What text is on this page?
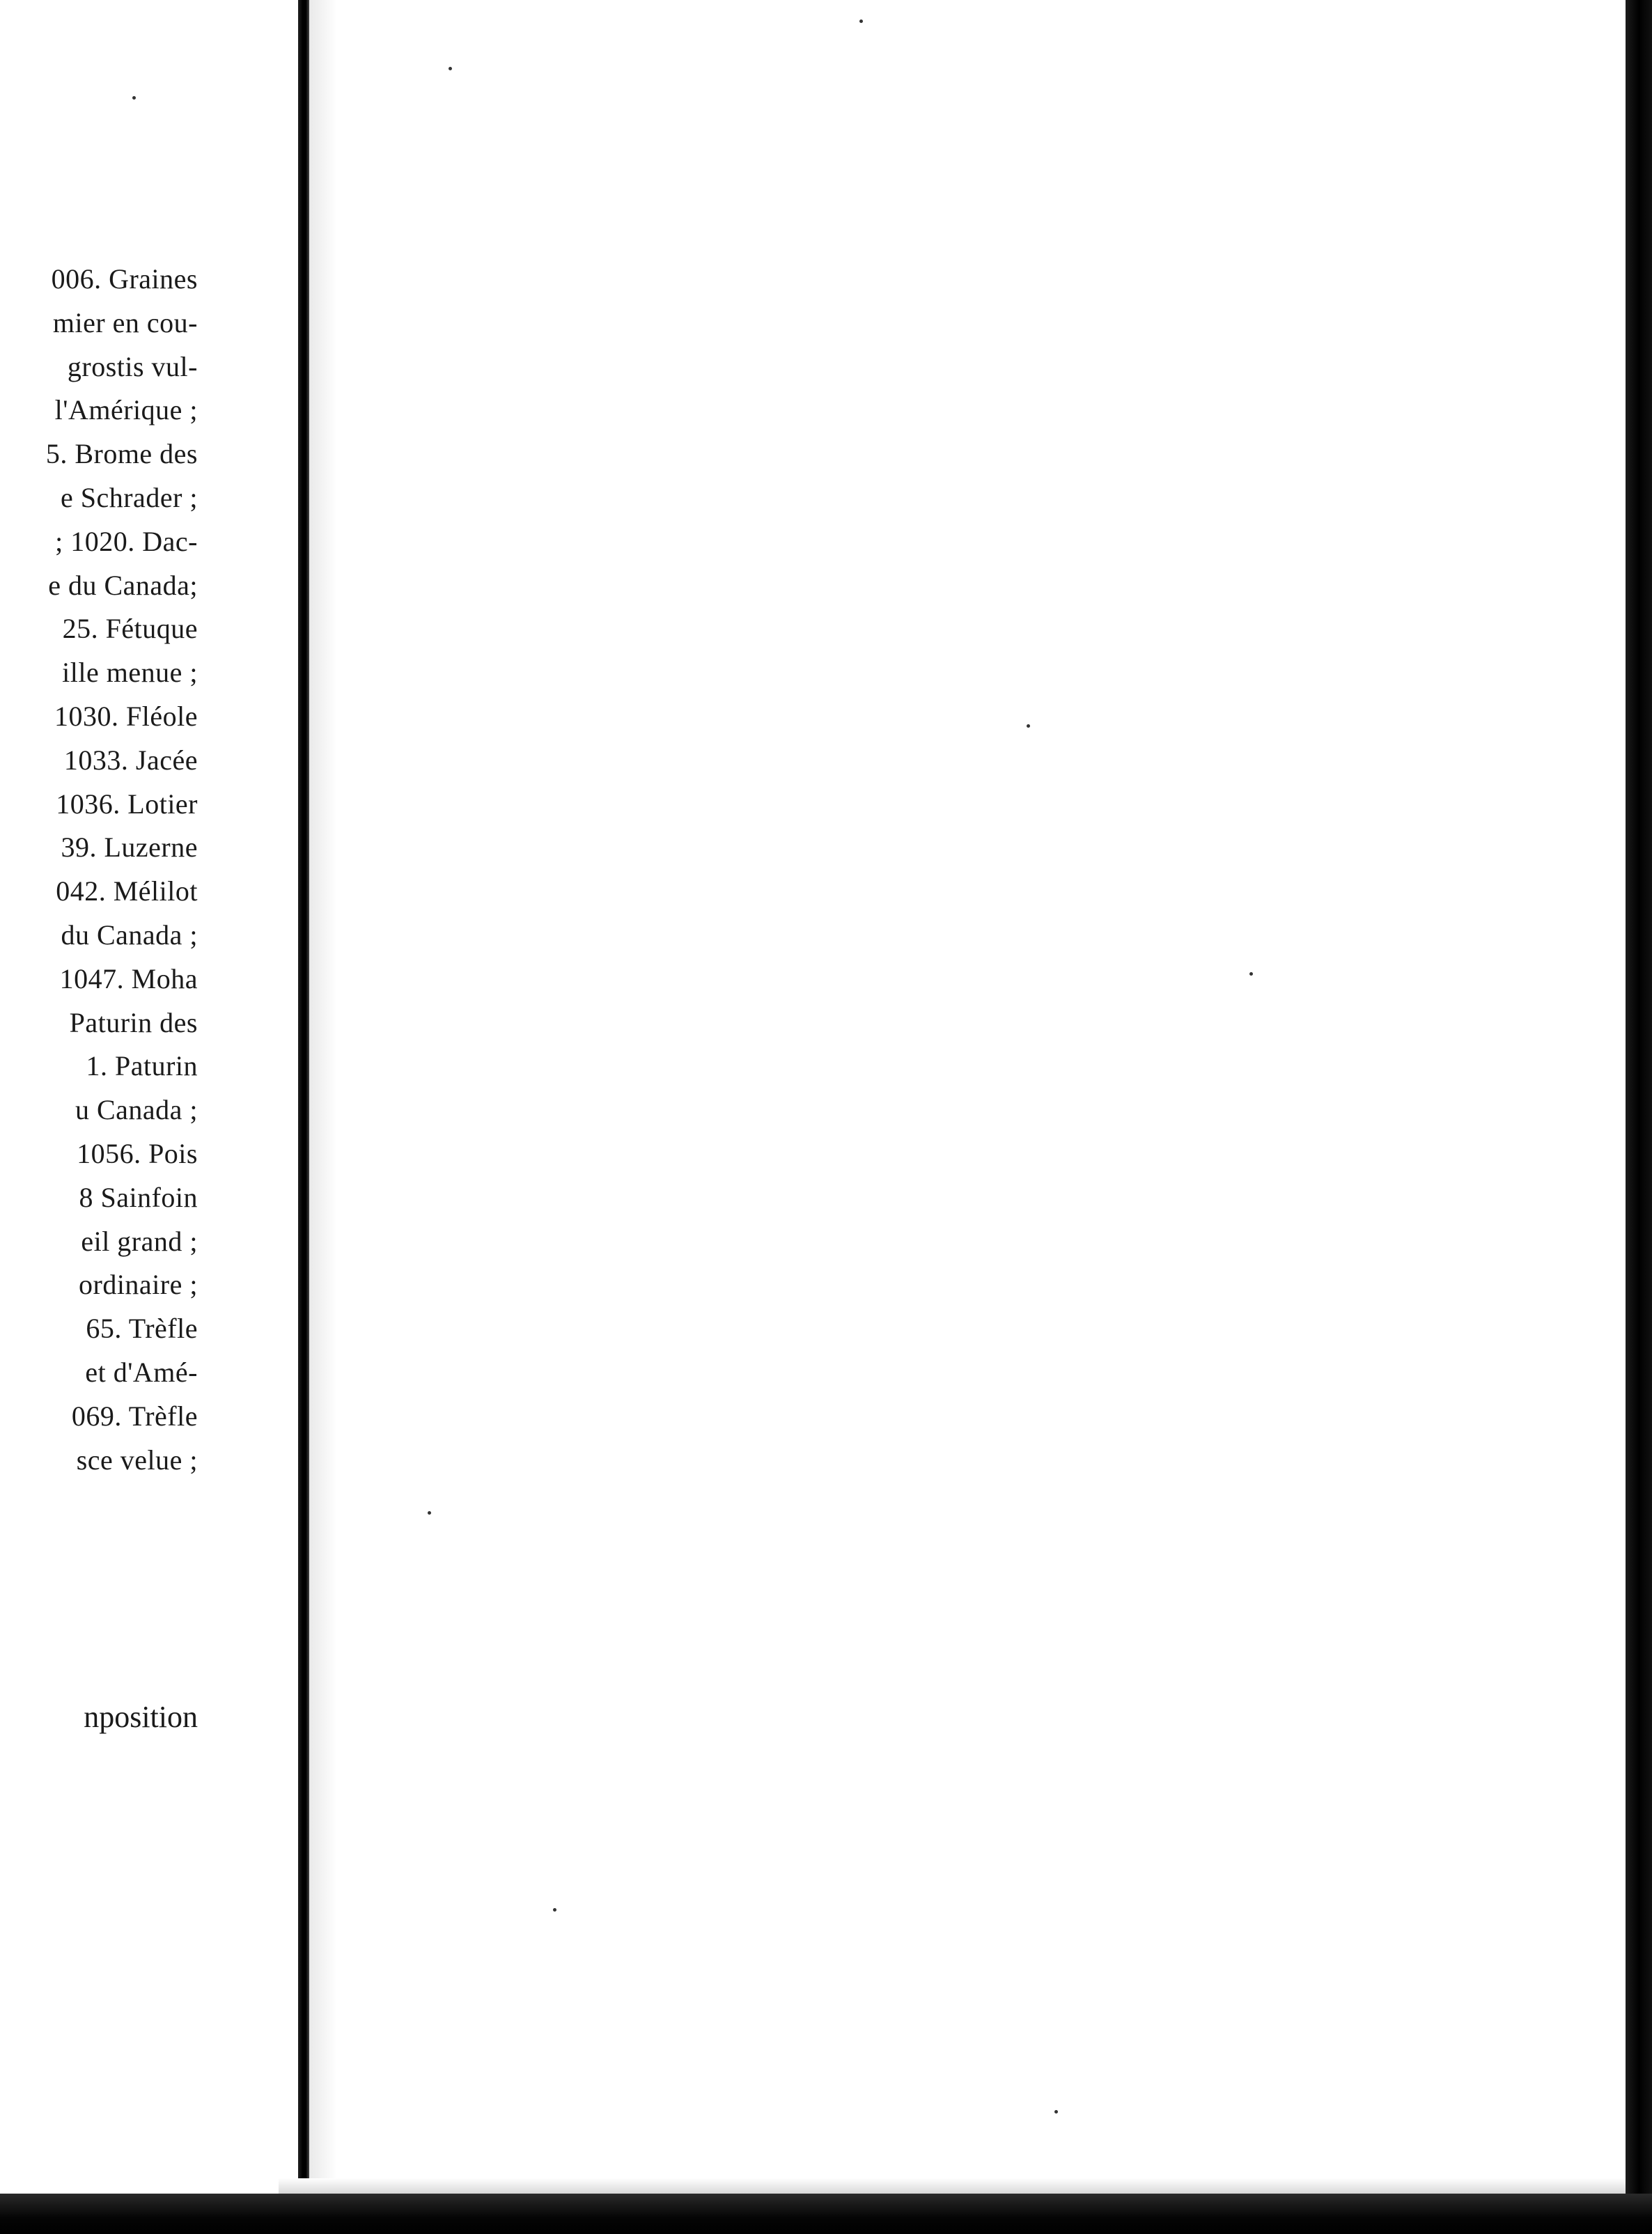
006. Graines
mier en cou-
grostis vul-
l'Amérique ;
5. Brome des
e Schrader ;
; 1020. Dac-
e du Canada;
25. Fétuque
ille menue ;
1030. Fléole
1033. Jacée
1036. Lotier
39. Luzerne
042. Mélilot
du Canada ;
1047. Moha
Paturin des
1. Paturin
u Canada ;
1056. Pois
8 Sainfoin
eil grand ;
ordinaire ;
65. Trèfle
et d'Amé-
069. Trèfle
sce velue ;
nposition
